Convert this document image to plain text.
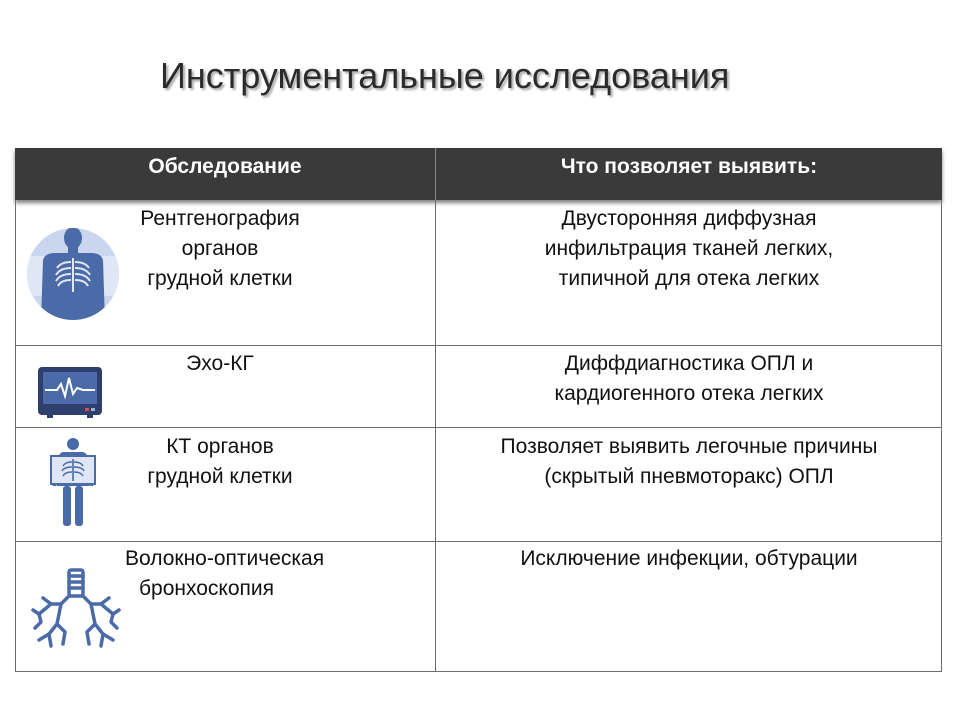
Инструментальные исследования
Обследование	Что позволяет выявить:
Рентгенография
органов
грудной клетки
Двусторонняя диффузная
инфильтрация тканей легких,
типичной для отека легких
Эхо-КГ	Диффдиагностика ОПЛ и
кардиогенного отека легких
КТ органов
грудной клетки
Позволяет выявить легочные причины
(скрытый пневмоторакс) ОПЛ
Волокно-оптическая
бронхоскопия
Исключение инфекции, обтурации
